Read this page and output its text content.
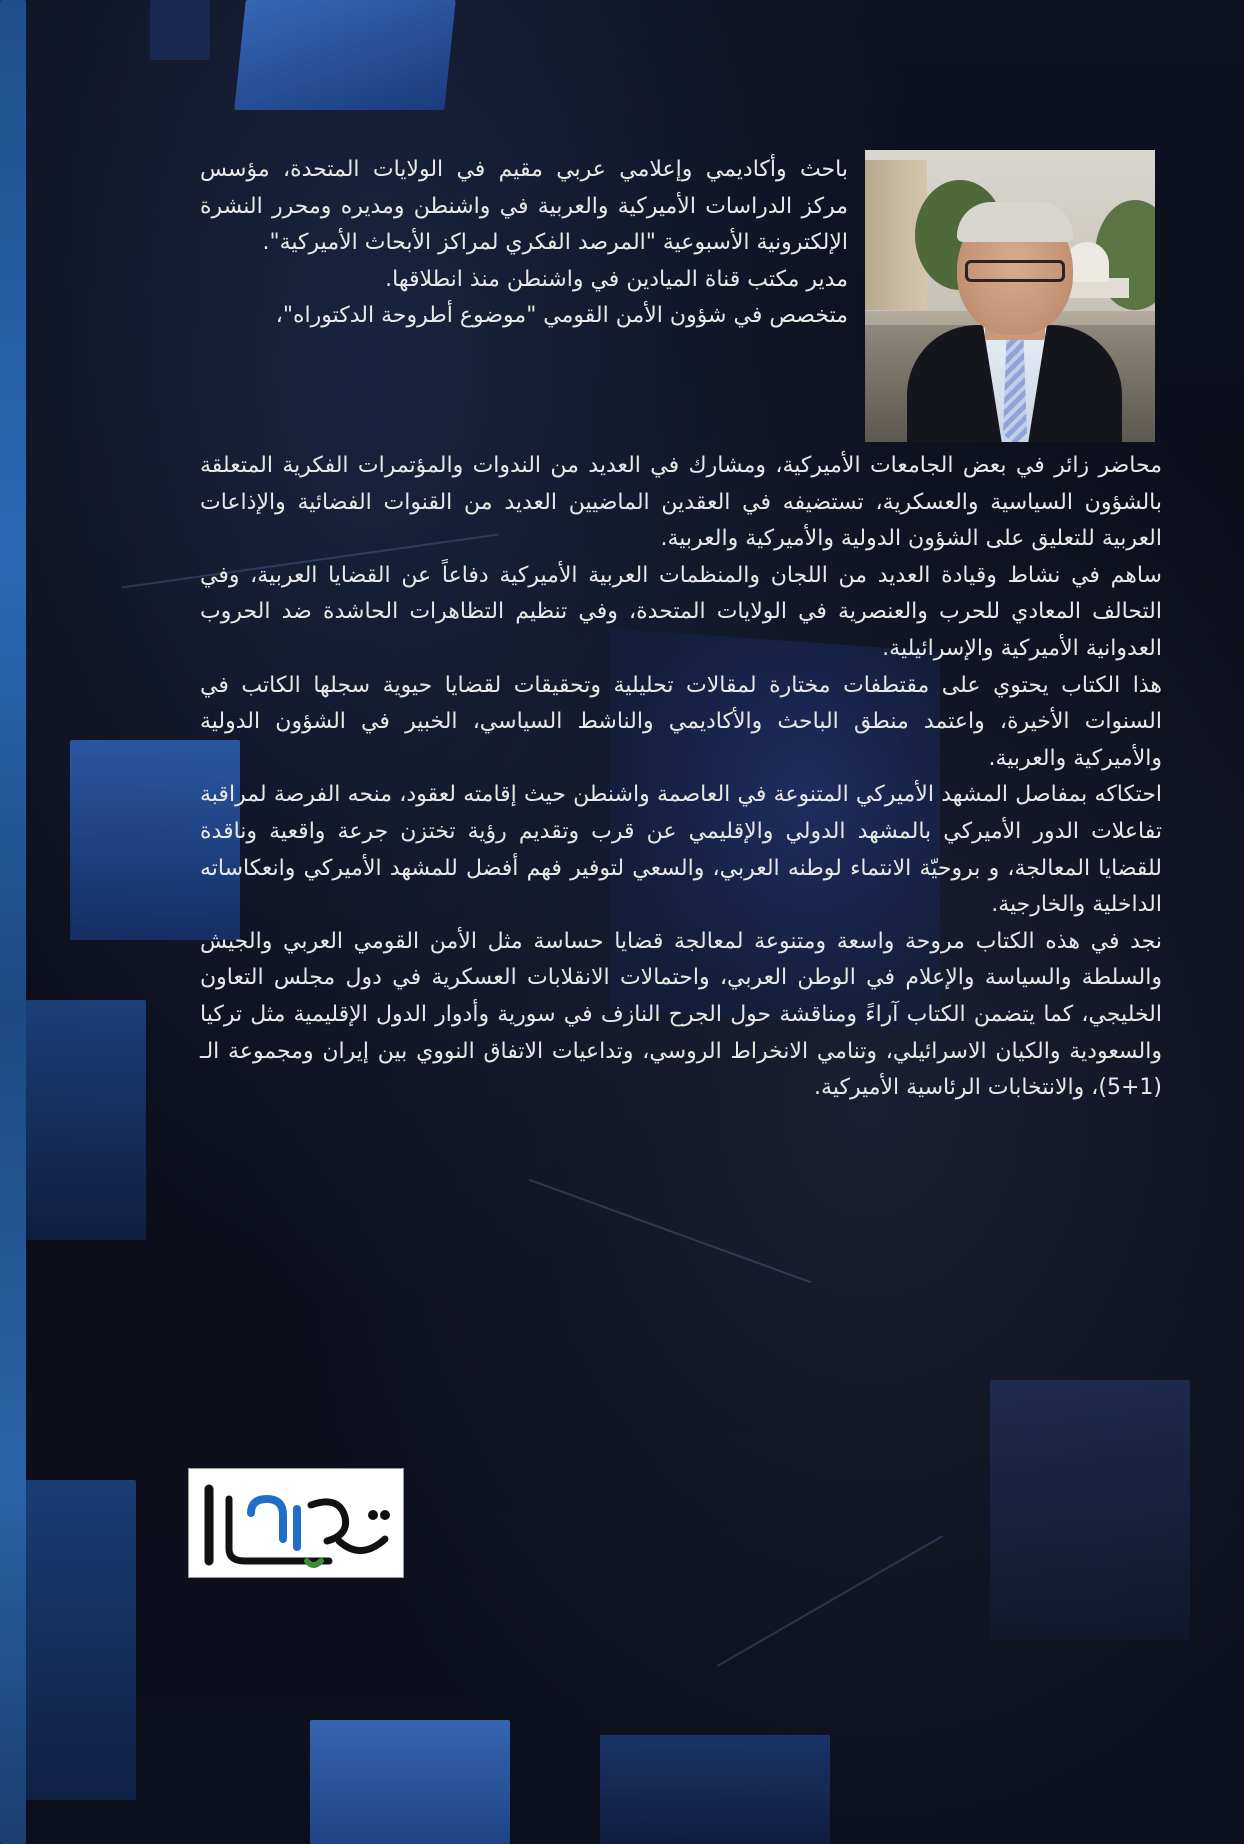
باحث وأكاديمي وإعلامي عربي مقيم في الولايات المتحدة، مؤسس مركز الدراسات الأميركية والعربية في واشنطن ومديره ومحرر النشرة الإلكترونية الأسبوعية "المرصد الفكري لمراكز الأبحاث الأميركية".

مدير مكتب قناة الميادين في واشنطن منذ انطلاقها.

متخصص في شؤون الأمن القومي "موضوع أطروحة الدكتوراه"،

محاضر زائر في بعض الجامعات الأميركية، ومشارك في العديد من الندوات والمؤتمرات الفكرية المتعلقة بالشؤون السياسية والعسكرية، تستضيفه في العقدين الماضيين العديد من القنوات الفضائية والإذاعات العربية للتعليق على الشؤون الدولية والأميركية والعربية.

ساهم في نشاط وقيادة العديد من اللجان والمنظمات العربية الأميركية دفاعاً عن القضايا العربية، وفي التحالف المعادي للحرب والعنصرية في الولايات المتحدة، وفي تنظيم التظاهرات الحاشدة ضد الحروب العدوانية الأميركية والإسرائيلية.

هذا الكتاب يحتوي على مقتطفات مختارة لمقالات تحليلية وتحقيقات لقضايا حيوية سجلها الكاتب في السنوات الأخيرة، واعتمد منطق الباحث والأكاديمي والناشط السياسي، الخبير في الشؤون الدولية والأميركية والعربية.

احتكاكه بمفاصل المشهد الأميركي المتنوعة في العاصمة واشنطن حيث إقامته لعقود، منحه الفرصة لمراقبة تفاعلات الدور الأميركي بالمشهد الدولي والإقليمي عن قرب وتقديم رؤية تختزن جرعة واقعية وناقدة للقضايا المعالجة، و بروحيّة الانتماء لوطنه العربي، والسعي لتوفير فهم أفضل للمشهد الأميركي وانعكاساته الداخلية والخارجية.

نجد في هذه الكتاب مروحة واسعة ومتنوعة لمعالجة قضايا حساسة مثل الأمن القومي العربي والجيش والسلطة والسياسة والإعلام في الوطن العربي، واحتمالات الانقلابات العسكرية في دول مجلس التعاون الخليجي، كما يتضمن الكتاب آراءً ومناقشة حول الجرح النازف في سورية وأدوار الدول الإقليمية مثل تركيا والسعودية والكيان الاسرائيلي، وتنامي الانخراط الروسي، وتداعيات الاتفاق النووي بين إيران ومجموعة الـ (1+5)، والانتخابات الرئاسية الأميركية.
